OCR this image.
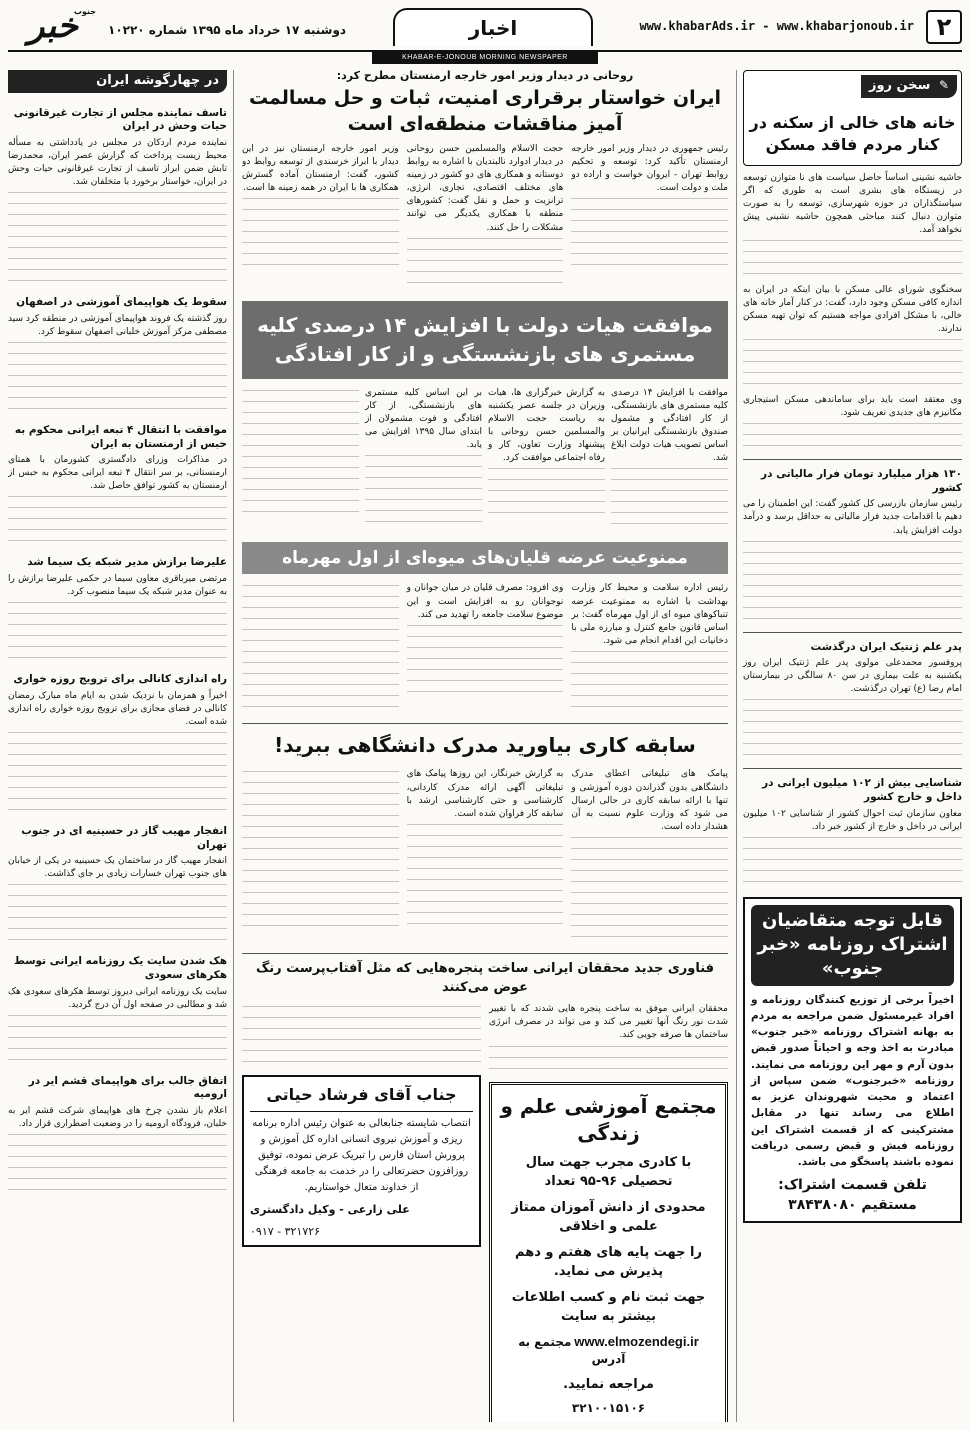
۲
www.khabarAds.ir - www.khabarjonoub.ir
اخبار
دوشنبه ۱۷ خرداد ماه ۱۳۹۵ شماره ۱۰۲۲۰
خبر
جنوب
KHABAR-E-JONOUB MORNING NEWSPAPER
✎ سخن روز
خانه های خالی از سکنه در کنار مردم فاقد مسکن

حاشیه نشینی اساساً حاصل سیاست های نا متوازن توسعه در زیستگاه های بشری است به طوری که اگر سیاستگذاران در حوزه شهرسازی، توسعه را به صورت متوازن دنبال کنند مباحثی همچون حاشیه نشینی پیش نخواهد آمد.

سخنگوی شورای عالی مسکن با بیان اینکه در ایران به اندازه کافی مسکن وجود دارد، گفت: در کنار آمار خانه های خالی، با مشکل افرادی مواجه هستیم که توان تهیه مسکن ندارند.

وی معتقد است باید برای ساماندهی مسکن استیجاری مکانیزم های جدیدی تعریف شود.

۱۳۰ هزار میلیارد تومان فرار مالیاتی در کشور

رئیس سازمان بازرسی کل کشور گفت: این اطمینان را می دهیم با اقدامات جدید فرار مالیاتی به حداقل برسد و درآمد دولت افزایش یابد.

پدر علم ژنتیک ایران درگذشت

پروفسور محمدعلی مولوی پدر علم ژنتیک ایران روز یکشنبه به علت بیماری در سن ۸۰ سالگی در بیمارستان امام رضا (ع) تهران درگذشت.

شناسایی بیش از ۱۰۲ میلیون ایرانی در داخل و خارج کشور

معاون سازمان ثبت احوال کشور از شناسایی ۱۰۲ میلیون ایرانی در داخل و خارج از کشور خبر داد.

قابل توجه متقاضیان اشتراک روزنامه «خبر جنوب»

اخیراً برخی از توزیع کنندگان روزنامه و افراد غیرمسئول ضمن مراجعه به مردم به بهانه اشتراک روزنامه «خبر جنوب» مبادرت به اخذ وجه و احیاناً صدور قبض بدون آرم و مهر این روزنامه می نمایند. روزنامه «خبرجنوب» ضمن سپاس از اعتماد و محبت شهروندان عزیز به اطلاع می رساند تنها در مقابل مشترکینی که از قسمت اشتراک این روزنامه فیش و قبض رسمی دریافت نموده باشند پاسخگو می باشد.

تلفن قسمت اشتراک: مستقیم ۳۸۴۳۸۰۸۰
در چهارگوشه ایران
تاسف نماینده مجلس از تجارت غیرقانونی حیات وحش در ایران

نماینده مردم اردکان در مجلس در یادداشتی به مسأله محیط زیست پرداخت که گزارش عصر ایران، محمدرضا تابش ضمن ابراز تاسف از تجارت غیرقانونی حیات وحش در ایران، خواستار برخورد با متخلفان شد.

سقوط یک هواپیمای آموزشی در اصفهان

روز گذشته یک فروند هواپیمای آموزشی در منطقه کرد سید مصطفی مرکز آموزش خلبانی اصفهان سقوط کرد.

موافقت با انتقال ۴ تبعه ایرانی محکوم به حبس از ارمنستان به ایران

در مذاکرات وزرای دادگستری کشورمان با همتای ارمنستانی، بر سر انتقال ۴ تبعه ایرانی محکوم به حبس از ارمنستان به کشور توافق حاصل شد.

علیرضا برازش مدیر شبکه یک سیما شد

مرتضی میرباقری معاون سیما در حکمی علیرضا برازش را به عنوان مدیر شبکه یک سیما منصوب کرد.

راه اندازی کانالی برای ترویج روزه خواری

اخیراً و همزمان با نزدیک شدن به ایام ماه مبارک رمضان کانالی در فضای مجازی برای ترویج روزه خواری راه اندازی شده است.

انفجار مهیب گاز در حسینیه ای در جنوب تهران

انفجار مهیب گاز در ساختمان یک حسینیه در یکی از خیابان های جنوب تهران خسارات زیادی بر جای گذاشت.

هک شدن سایت یک روزنامه ایرانی توسط هکرهای سعودی

سایت یک روزنامه ایرانی دیروز توسط هکرهای سعودی هک شد و مطالبی در صفحه اول آن درج گردید.

اتفاق جالب برای هواپیمای قشم ایر در ارومیه

اعلام باز نشدن چرخ های هواپیمای شرکت قشم ایر به خلبان، فرودگاه ارومیه را در وضعیت اضطراری قرار داد.

روحانی در دیدار وزیر امور خارجه ارمنستان مطرح کرد:
ایران خواستار برقراری امنیت، ثبات و حل مسالمت آمیز مناقشات منطقه‌ای است

رئیس جمهوری در دیدار وزیر امور خارجه ارمنستان تأکید کرد: توسعه و تحکیم روابط تهران - ایروان خواست و اراده دو ملت و دولت است.

حجت الاسلام والمسلمین حسن روحانی در دیدار ادوارد نالبندیان با اشاره به روابط دوستانه و همکاری های دو کشور در زمینه های مختلف اقتصادی، تجاری، انرژی، ترانزیت و حمل و نقل گفت: کشورهای منطقه با همکاری یکدیگر می توانند مشکلات را حل کنند.

وزیر امور خارجه ارمنستان نیز در این دیدار با ابراز خرسندی از توسعه روابط دو کشور، گفت: ارمنستان آماده گسترش همکاری ها با ایران در همه زمینه ها است.

موافقت هیات دولت با افزایش ۱۴ درصدی کلیه مستمری های بازنشستگی و از کار افتادگی

موافقت با افزایش ۱۴ درصدی کلیه مستمری های بازنشستگی، از کار افتادگی و مشمول صندوق بازنشستگی ایرانیان بر اساس تصویب هیات دولت ابلاغ شد.

به گزارش خبرگزاری ها، هیات وزیران در جلسه عصر یکشنبه به ریاست حجت الاسلام والمسلمین حسن روحانی با پیشنهاد وزارت تعاون، کار و رفاه اجتماعی موافقت کرد.

بر این اساس کلیه مستمری های بازنشستگی، از کار افتادگی و فوت مشمولان از ابتدای سال ۱۳۹۵ افزایش می یابد.

ممنوعیت عرضه قلیان‌های میوه‌ای از اول مهرماه

رئیس اداره سلامت و محیط کار وزارت بهداشت با اشاره به ممنوعیت عرضه تنباکوهای میوه ای از اول مهرماه گفت: بر اساس قانون جامع کنترل و مبارزه ملی با دخانیات این اقدام انجام می شود.

وی افزود: مصرف قلیان در میان جوانان و نوجوانان رو به افزایش است و این موضوع سلامت جامعه را تهدید می کند.

سابقه کاری بیاورید مدرک دانشگاهی ببرید!

پیامک های تبلیغاتی اعطای مدرک دانشگاهی بدون گذراندن دوره آموزشی و تنها با ارائه سابقه کاری در حالی ارسال می شود که وزارت علوم نسبت به آن هشدار داده است.

به گزارش خبرنگار، این روزها پیامک های تبلیغاتی آگهی ارائه مدرک کاردانی، کارشناسی و حتی کارشناسی ارشد با سابقه کار فراوان شده است.

فناوری جدید محققان ایرانی ساخت پنجره‌هایی که مثل آفتاب‌پرست رنگ عوض می‌کنند

محققان ایرانی موفق به ساخت پنجره هایی شدند که با تغییر شدت نور رنگ آنها تغییر می کند و می تواند در مصرف انرژی ساختمان ها صرفه جویی کند.

مجتمع آموزشی علم و زندگی
با کادری مجرب جهت سال تحصیلی ۹۶-۹۵ تعداد
محدودی از دانش آموزان ممتاز علمی و اخلاقی
را جهت پایه های هفتم و دهم پذیرش می نماید.
جهت ثبت نام و کسب اطلاعات بیشتر به سایت
www.elmozendegi.ir مجتمع به آدرس
مراجعه نمایید.
۳۲۱۰۰۱۵۱۰۶
جناب آقای فرشاد حیاتی

انتصاب شایسته جنابعالی به عنوان رئیس اداره برنامه ریزی و آموزش نیروی انسانی اداره کل آموزش و پرورش استان فارس را تبریک عرض نموده، توفیق روزافزون حضرتعالی را در خدمت به جامعه فرهنگی از خداوند متعال خواستاریم.

علی زارعی - وکیل دادگستری
۳۲۱۷۲۶ - ۰۹۱۷
